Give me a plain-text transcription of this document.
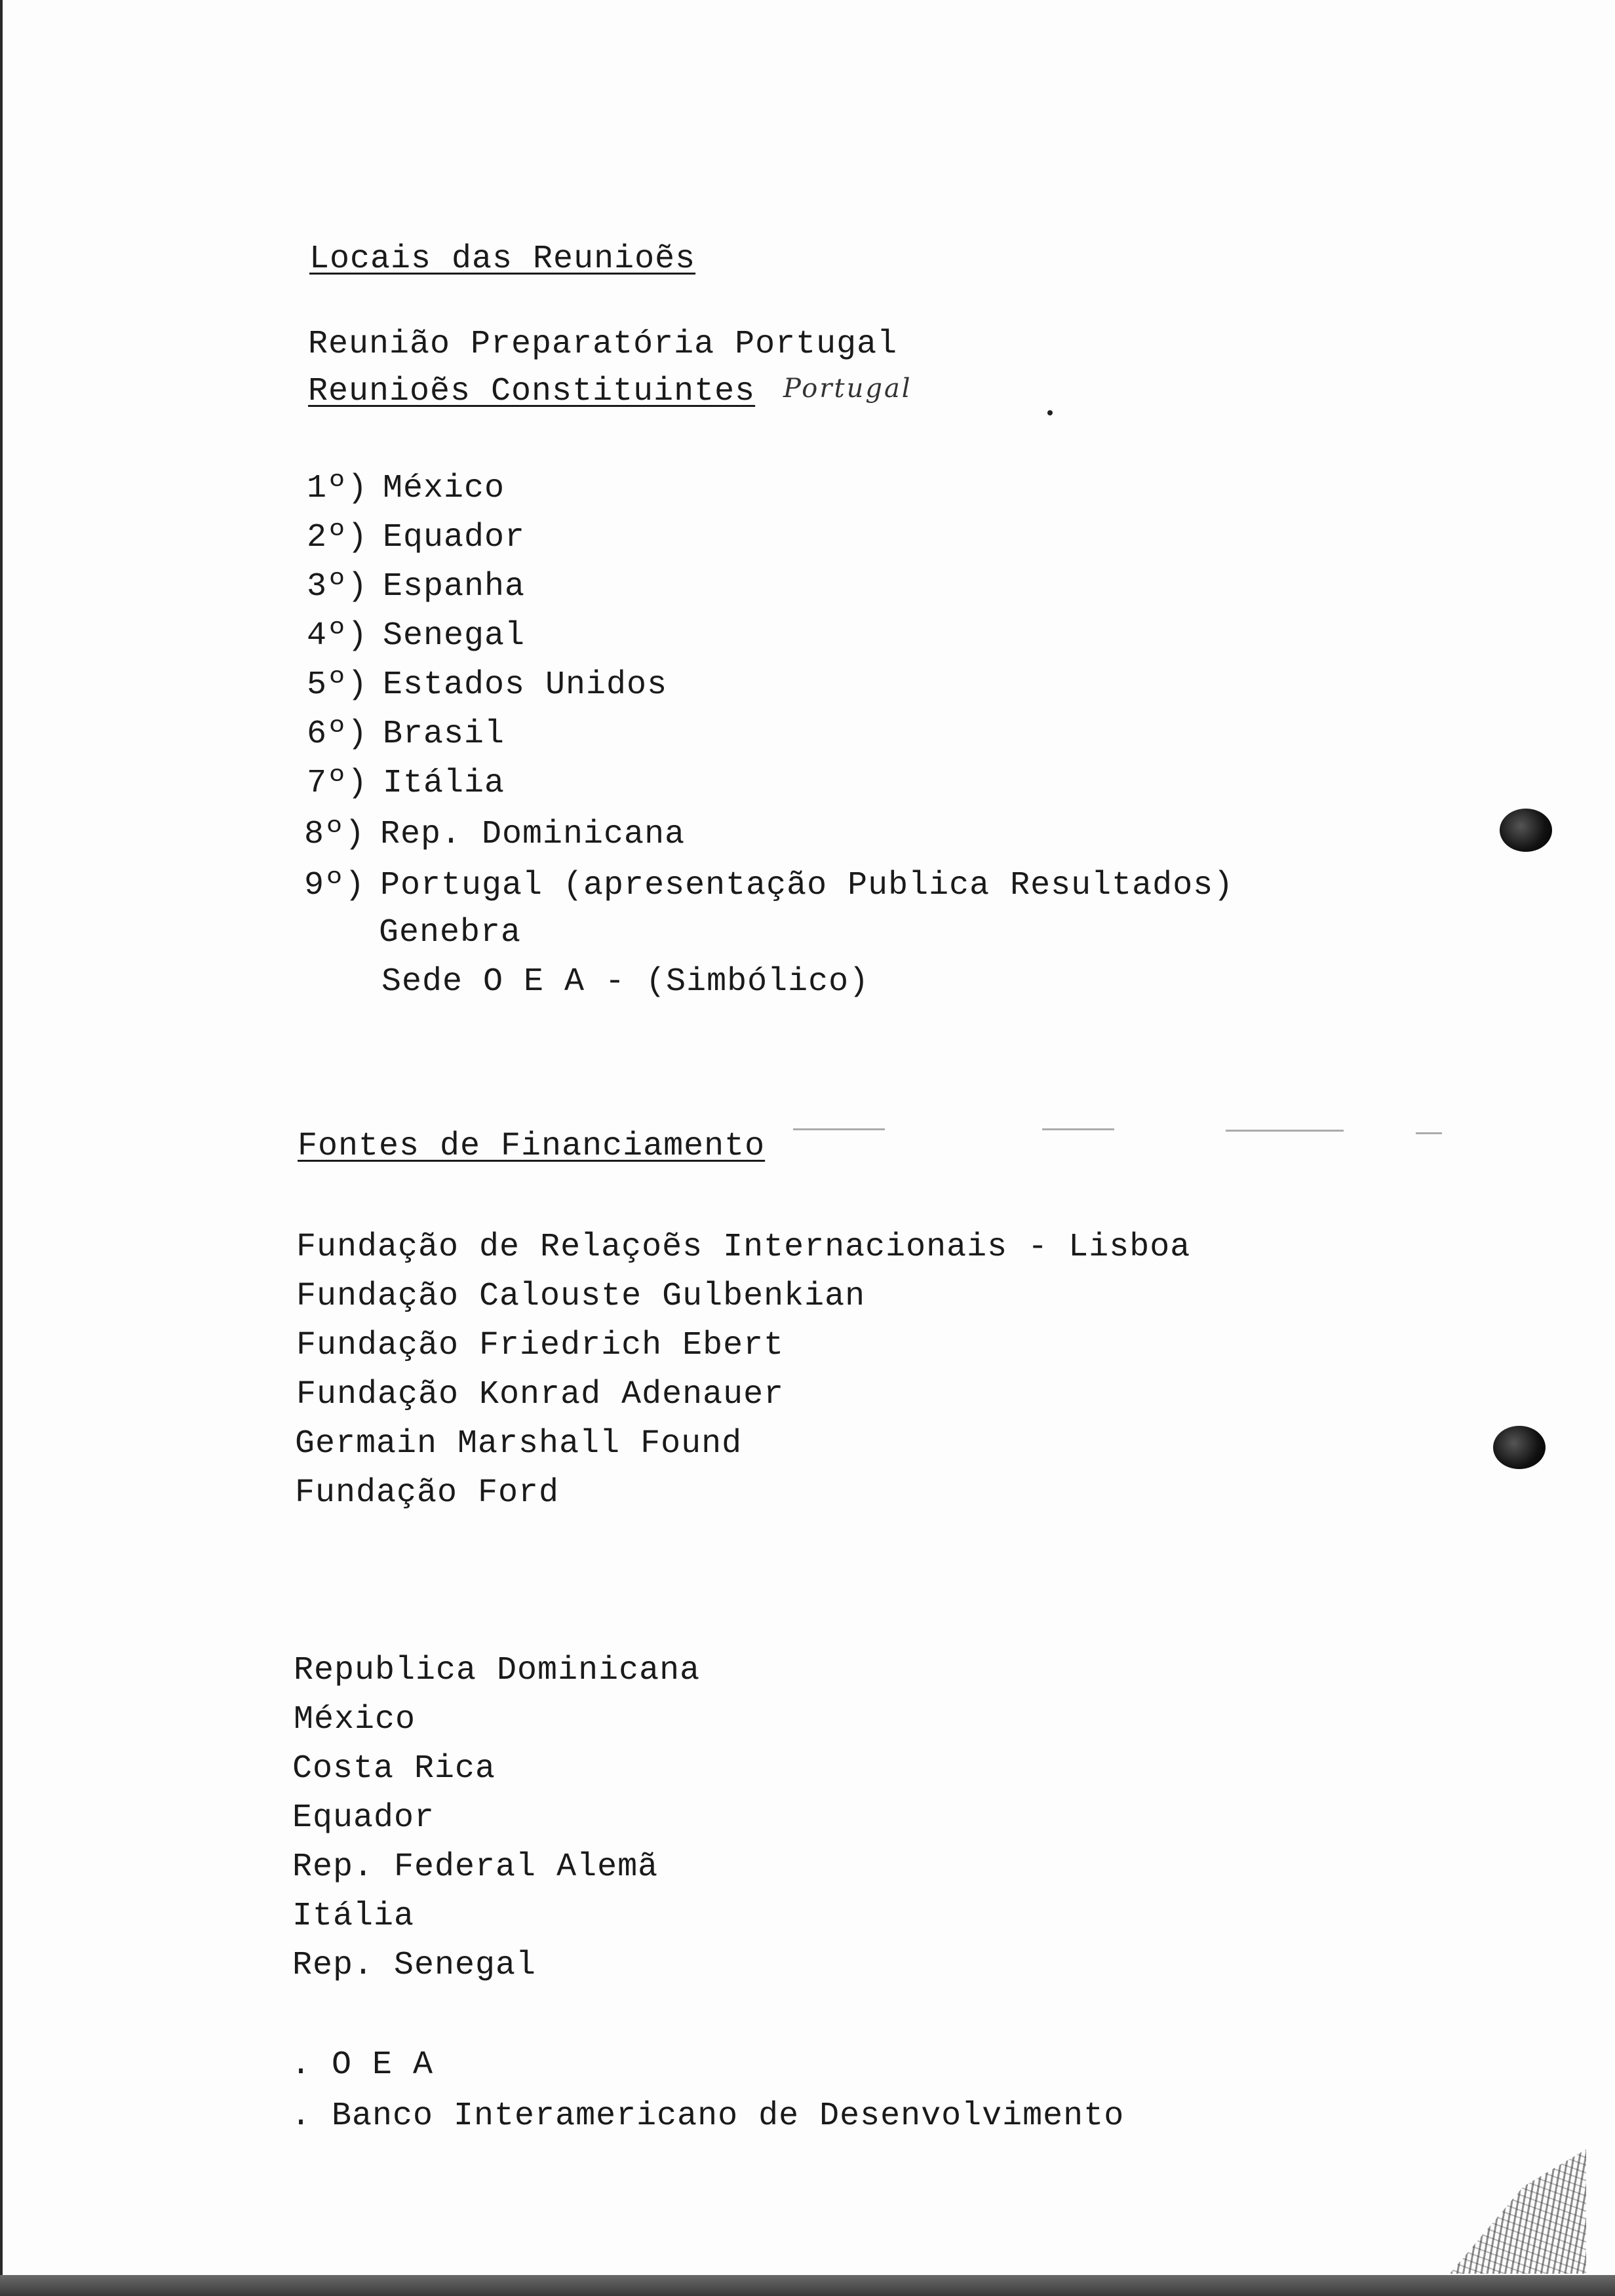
Locais das Reunioẽs
Reunião Preparatória Portugal
Reunioẽs Constituintes Portugal
1º) México
2º) Equador
3º) Espanha
4º) Senegal
5º) Estados Unidos
6º) Brasil
7º) Itália
8º) Rep. Dominicana
9º) Portugal (apresentação Publica Resultados)
Genebra
Sede O E A - (Simbólico)
Fontes de Financiamento
Fundação de Relaçoẽs Internacionais - Lisboa
Fundação Calouste Gulbenkian
Fundação Friedrich Ebert
Fundação Konrad Adenauer
Germain Marshall Found
Fundação Ford
Republica Dominicana
México
Costa Rica
Equador
Rep. Federal Alemã
Itália
Rep. Senegal
. O E A
. Banco Interamericano de Desenvolvimento
